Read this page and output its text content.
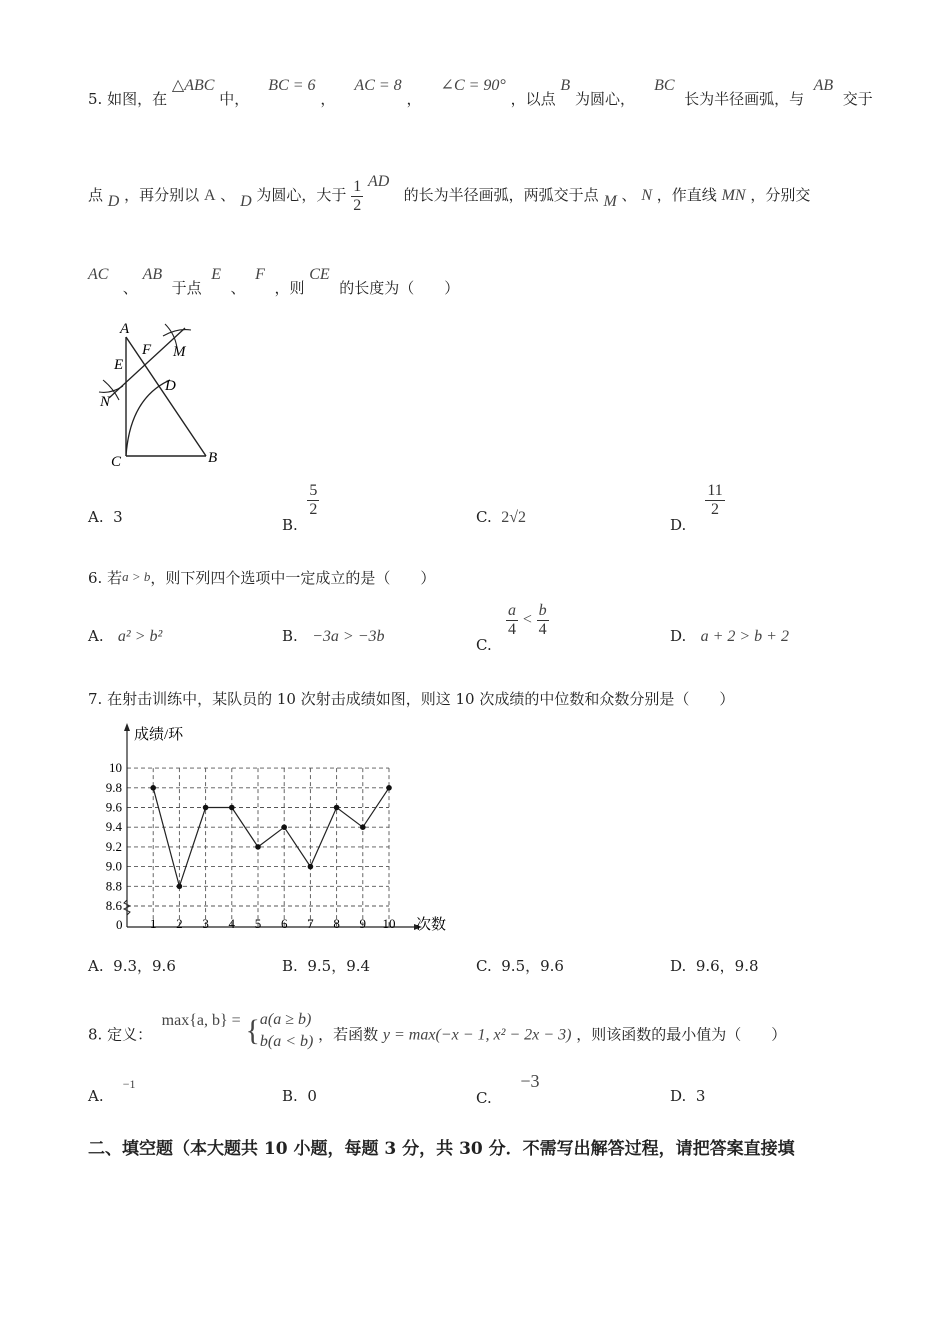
5. 如图，在 △ABC 中，    BC = 6 ，    AC = 8 ，    ∠C = 90° ，以点 B 为圆心，    BC  长为半径画弧，与  AB  交于
点 D ，再分别以 A 、 D 为圆心，大于 $\frac{1}{2}$ AD   的长为半径画弧，两弧交于点 M 、 N ，作直线 MN ，分别交
AC   、 AB  于点  E  、  F  ，则 CE  的长度为（　　）
A
B
C
D
E
F M
N
A. 3	B.
$\frac{5}{2}$	C. 2√2	D.
$\frac{11}{2}$
6. 若a > b，则下列四个选项中一定成立的是（　　）
A. a² > b²	B. −3a > −3b	C.
$\frac{a}{4} < \frac{b}{4}$	D. a + 2 > b + 2
7. 在射击训练中，某队员的 10 次射击成绩如图，则这 10 次成绩的中位数和众数分别是（　　）
成绩/环
次数
0
8.6
8.8
9.0
9.2
9.4
9.6
9.8
10
1 2 3 4 5 6 7 8 9 10
A. 9.3，9.6	B. 9.5，9.4	C. 9.5，9.6	D. 9.6，9.8
8. 定义：  max{a, b} = { a(a ≥ b)
b(a < b) ，若函数 y = max(−x − 1, x² − 2x − 3) ，则该函数的最小值为（　　）
A.    $^{-1}$
B. 0	C.      −3
D. 3
二、填空题（本大题共 10 小题，每题 3 分，共 30 分．不需写出解答过程，请把答案直接填
